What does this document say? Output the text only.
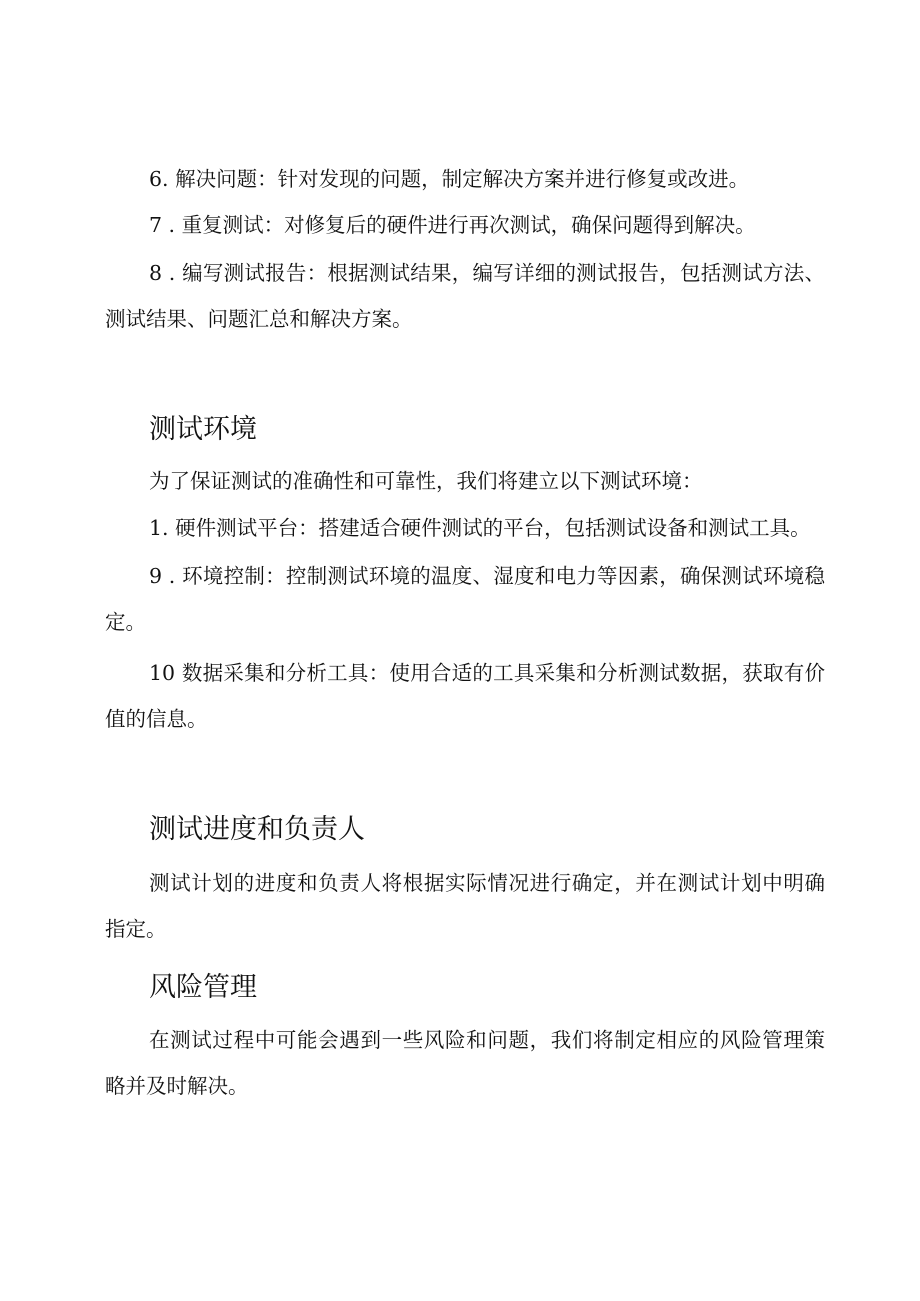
6. 解决问题：针对发现的问题，制定解决方案并进行修复或改进。

7 . 重复测试：对修复后的硬件进行再次测试，确保问题得到解决。

8 . 编写测试报告：根据测试结果，编写详细的测试报告，包括测试方法、测试结果、问题汇总和解决方案。

测试环境

为了保证测试的准确性和可靠性，我们将建立以下测试环境：

1. 硬件测试平台：搭建适合硬件测试的平台，包括测试设备和测试工具。

9 . 环境控制：控制测试环境的温度、湿度和电力等因素，确保测试环境稳定。

10 数据采集和分析工具：使用合适的工具采集和分析测试数据，获取有价值的信息。

测试进度和负责人

测试计划的进度和负责人将根据实际情况进行确定，并在测试计划中明确指定。

风险管理

在测试过程中可能会遇到一些风险和问题，我们将制定相应的风险管理策略并及时解决。
